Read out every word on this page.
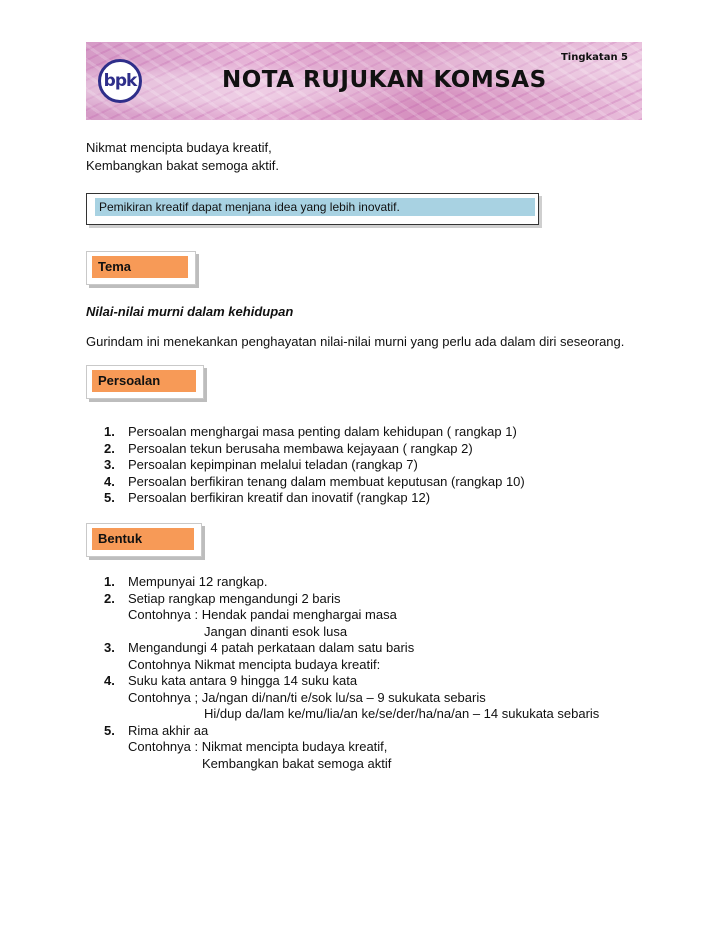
bpk	NOTA RUJUKAN KOMSAS
Tingkatan 5
Nikmat mencipta budaya kreatif,
Kembangkan bakat semoga aktif.
Pemikiran kreatif dapat menjana idea yang lebih inovatif.
Tema
Nilai-nilai murni dalam kehidupan
Gurindam ini menekankan penghayatan nilai-nilai murni yang perlu ada dalam diri seseorang.
Persoalan
1.	Persoalan menghargai masa penting dalam kehidupan ( rangkap 1)
2.	Persoalan tekun berusaha membawa kejayaan ( rangkap 2)
3.	Persoalan kepimpinan melalui teladan (rangkap 7)
4.	Persoalan berfikiran tenang dalam membuat keputusan (rangkap 10)
5.	Persoalan berfikiran kreatif dan inovatif (rangkap 12)
Bentuk
1.	Mempunyai 12 rangkap.
2.	Setiap rangkap mengandungi 2 baris
Contohnya : Hendak pandai menghargai masa
Jangan dinanti esok lusa
3.	Mengandungi 4 patah perkataan dalam satu baris
Contohnya Nikmat mencipta budaya kreatif:
4.	Suku kata antara 9 hingga 14 suku kata
Contohnya ; Ja/ngan di/nan/ti e/sok lu/sa – 9 sukukata sebaris
Hi/dup da/lam ke/mu/lia/an ke/se/der/ha/na/an – 14 sukukata sebaris
5.	Rima akhir aa
Contohnya : Nikmat mencipta budaya kreatif,
Kembangkan bakat semoga aktif
